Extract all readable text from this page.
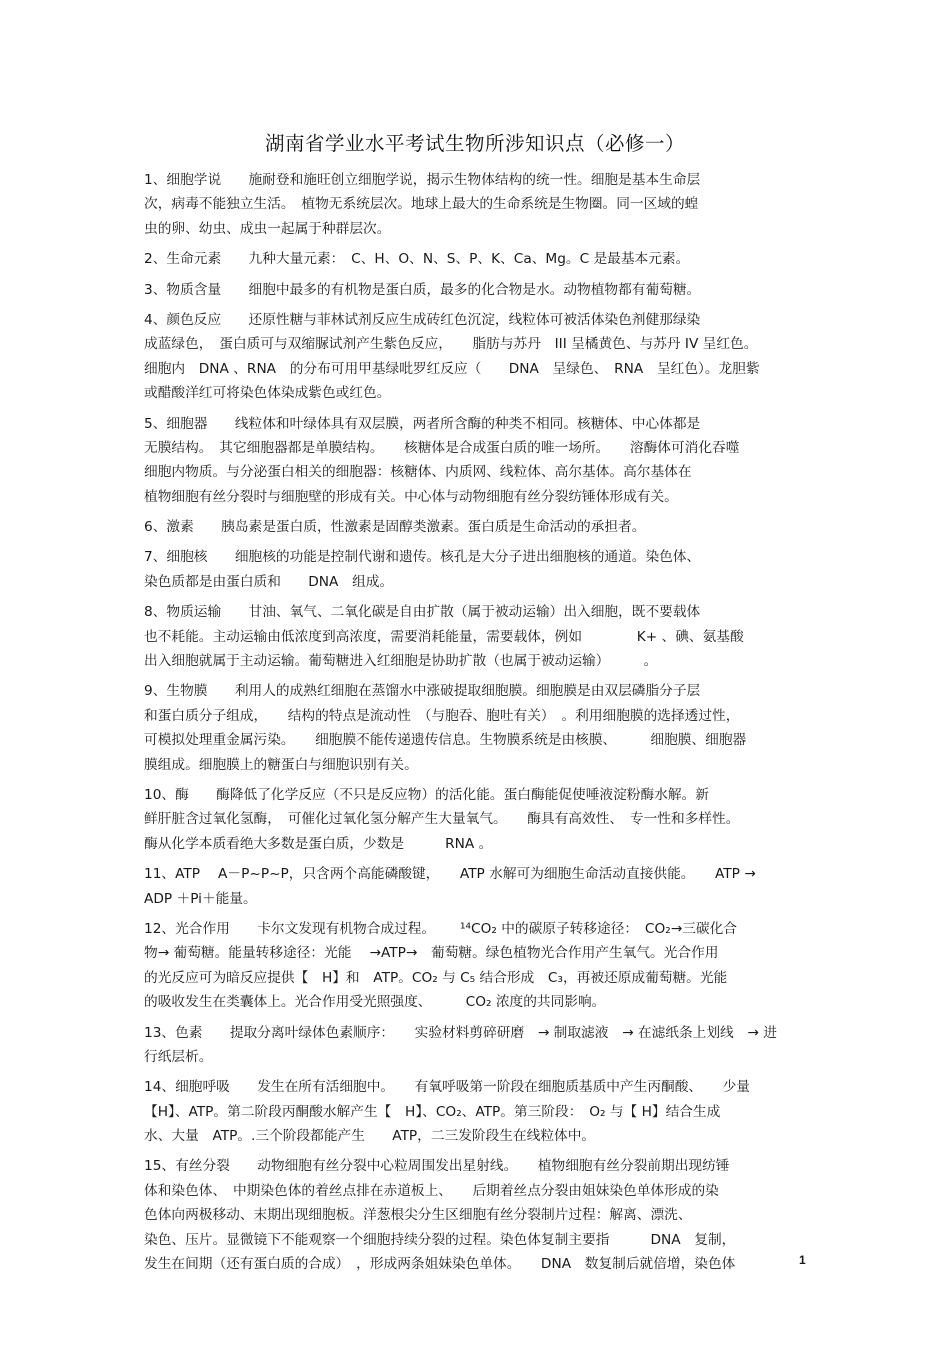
湖南省学业水平考试生物所涉知识点（必修一）
1、细胞学说　　施耐登和施旺创立细胞学说，揭示生物体结构的统一性。细胞是基本生命层
次，病毒不能独立生活。　植物无系统层次。地球上最大的生命系统是生物圈。同一区域的蝗
虫的卵、幼虫、成虫一起属于种群层次。
2、生命元素　　九种大量元素：　C、H、O、N、S、P、K、Ca、Mg。C 是最基本元素。
3、物质含量　　细胞中最多的有机物是蛋白质，最多的化合物是水。动物植物都有葡萄糖。
4、颜色反应　　还原性糖与菲林试剂反应生成砖红色沉淀，线粒体可被活体染色剂健那绿染
成蓝绿色，　蛋白质可与双缩脲试剂产生紫色反应，　　脂肪与苏丹　III 呈橘黄色、与苏丹 IV 呈红色。
细胞内　DNA 、RNA　的分布可用甲基绿吡罗红反应（　　DNA　呈绿色、　RNA　呈红色）。龙胆紫
或醋酸洋红可将染色体染成紫色或红色。
5、细胞器　　线粒体和叶绿体具有双层膜，两者所含酶的种类不相同。核糖体、中心体都是
无膜结构。　其它细胞器都是单膜结构。　　核糖体是合成蛋白质的唯一场所。　　溶酶体可消化吞噬
细胞内物质。与分泌蛋白相关的细胞器：核糖体、内质网、线粒体、高尔基体。高尔基体在
植物细胞有丝分裂时与细胞壁的形成有关。中心体与动物细胞有丝分裂纺锤体形成有关。
6、激素　　胰岛素是蛋白质，性激素是固醇类激素。蛋白质是生命活动的承担者。
7、细胞核　　细胞核的功能是控制代谢和遗传。核孔是大分子进出细胞核的通道。染色体、
染色质都是由蛋白质和　　DNA　组成。
8、物质运输　　甘油、氧气、二氧化碳是自由扩散（属于被动运输）出入细胞，既不要载体
也不耗能。主动运输由低浓度到高浓度，需要消耗能量，需要载体，例如　　　　K+ 、碘、氨基酸
出入细胞就属于主动运输。葡萄糖进入红细胞是协助扩散（也属于被动运输）　　　。
9、生物膜　　利用人的成熟红细胞在蒸馏水中涨破提取细胞膜。细胞膜是由双层磷脂分子层
和蛋白质分子组成，　　结构的特点是流动性　（与胞吞、胞吐有关）　。利用细胞膜的选择透过性，
可模拟处理重金属污染。　　细胞膜不能传递遗传信息。生物膜系统是由核膜、　　　细胞膜、细胞器
膜组成。细胞膜上的糖蛋白与细胞识别有关。
10、酶　　酶降低了化学反应（不只是反应物）的活化能。蛋白酶能促使唾液淀粉酶水解。新
鲜肝脏含过氧化氢酶，　可催化过氧化氢分解产生大量氧气。　　酶具有高效性、　专一性和多样性。
酶从化学本质看绝大多数是蛋白质，少数是　　　RNA 。
11、ATP　 A－P~P~P，只含两个高能磷酸键，　　ATP 水解可为细胞生命活动直接供能。　　ATP →
ADP ＋Pi＋能量。
12、光合作用　　卡尔文发现有机物合成过程。　　 ¹⁴CO₂ 中的碳原子转移途径：　CO₂→三碳化合
物→ 葡萄糖。能量转移途径：光能　 →ATP→　葡萄糖。绿色植物光合作用产生氧气。光合作用
的光反应可为暗反应提供【　H】和　ATP。CO₂ 与 C₅ 结合形成　C₃，再被还原成葡萄糖。光能
的吸收发生在类囊体上。光合作用受光照强度、　　　CO₂ 浓度的共同影响。
13、色素　　提取分离叶绿体色素顺序：　　实验材料剪碎研磨　→ 制取滤液　→ 在滤纸条上划线　→ 进
行纸层析。
14、细胞呼吸　　发生在所有活细胞中。　　有氧呼吸第一阶段在细胞质基质中产生丙酮酸、　　少量
【H】、ATP。第二阶段丙酮酸水解产生【　H】、CO₂、ATP。第三阶段：　O₂ 与【 H】结合生成
水、大量　ATP。.三个阶段都能产生　　ATP，二三发阶段生在线粒体中。
15、有丝分裂　　动物细胞有丝分裂中心粒周围发出星射线。　　植物细胞有丝分裂前期出现纺锤
体和染色体、　中期染色体的着丝点排在赤道板上、　　后期着丝点分裂由姐妹染色单体形成的染
色体向两极移动、末期出现细胞板。洋葱根尖分生区细胞有丝分裂制片过程：解离、漂洗、
染色、压片。显微镜下不能观察一个细胞持续分裂的过程。染色体复制主要指　　　DNA　复制，
发生在间期（还有蛋白质的合成）　，形成两条姐妹染色单体。　　DNA　数复制后就倍增，染色体	1
